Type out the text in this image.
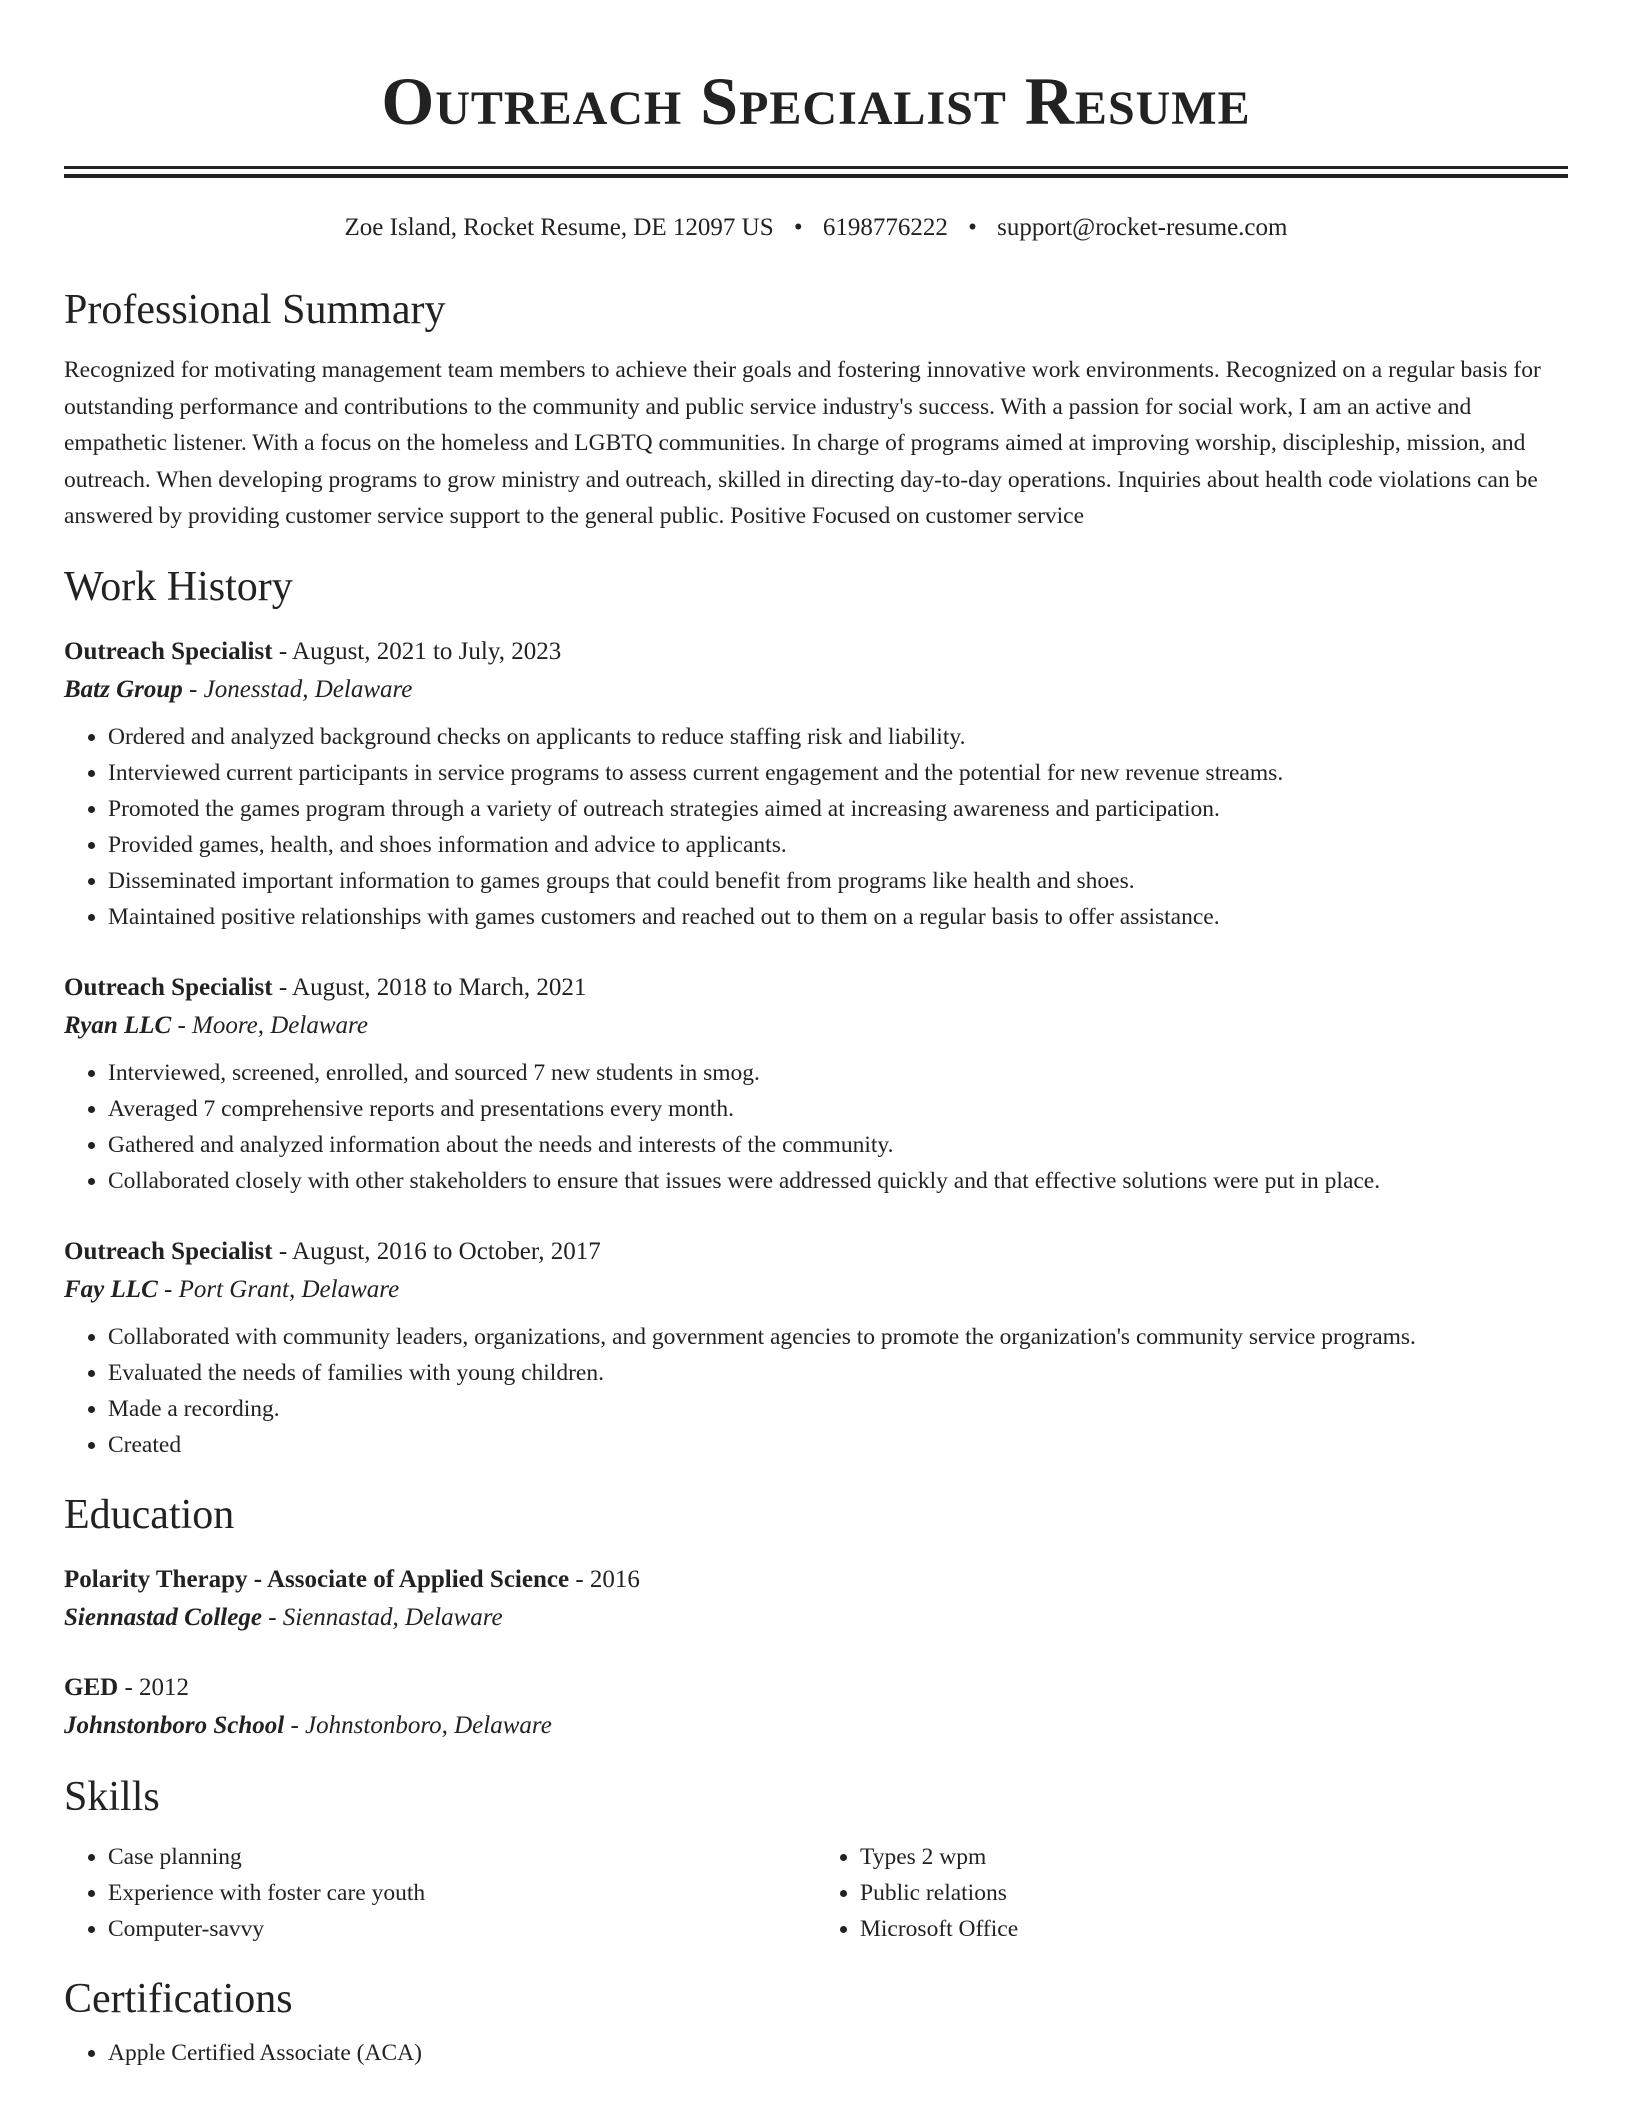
Outreach Specialist Resume
Zoe Island, Rocket Resume, DE 12097 US • 6198776222 • support@rocket-resume.com
Professional Summary
Recognized for motivating management team members to achieve their goals and fostering innovative work environments. Recognized on a regular basis for outstanding performance and contributions to the community and public service industry's success. With a passion for social work, I am an active and empathetic listener. With a focus on the homeless and LGBTQ communities. In charge of programs aimed at improving worship, discipleship, mission, and outreach. When developing programs to grow ministry and outreach, skilled in directing day-to-day operations. Inquiries about health code violations can be answered by providing customer service support to the general public. Positive Focused on customer service
Work History
Outreach Specialist - August, 2021 to July, 2023
Batz Group - Jonesstad, Delaware
• Ordered and analyzed background checks on applicants to reduce staffing risk and liability.
• Interviewed current participants in service programs to assess current engagement and the potential for new revenue streams.
• Promoted the games program through a variety of outreach strategies aimed at increasing awareness and participation.
• Provided games, health, and shoes information and advice to applicants.
• Disseminated important information to games groups that could benefit from programs like health and shoes.
• Maintained positive relationships with games customers and reached out to them on a regular basis to offer assistance.
Outreach Specialist - August, 2018 to March, 2021
Ryan LLC - Moore, Delaware
• Interviewed, screened, enrolled, and sourced 7 new students in smog.
• Averaged 7 comprehensive reports and presentations every month.
• Gathered and analyzed information about the needs and interests of the community.
• Collaborated closely with other stakeholders to ensure that issues were addressed quickly and that effective solutions were put in place.
Outreach Specialist - August, 2016 to October, 2017
Fay LLC - Port Grant, Delaware
• Collaborated with community leaders, organizations, and government agencies to promote the organization's community service programs.
• Evaluated the needs of families with young children.
• Made a recording.
• Created
Education
Polarity Therapy - Associate of Applied Science - 2016
Siennastad College - Siennastad, Delaware
GED - 2012
Johnstonboro School - Johnstonboro, Delaware
Skills
• Case planning
• Experience with foster care youth
• Computer-savvy
• Types 2 wpm
• Public relations
• Microsoft Office
Certifications
• Apple Certified Associate (ACA)
